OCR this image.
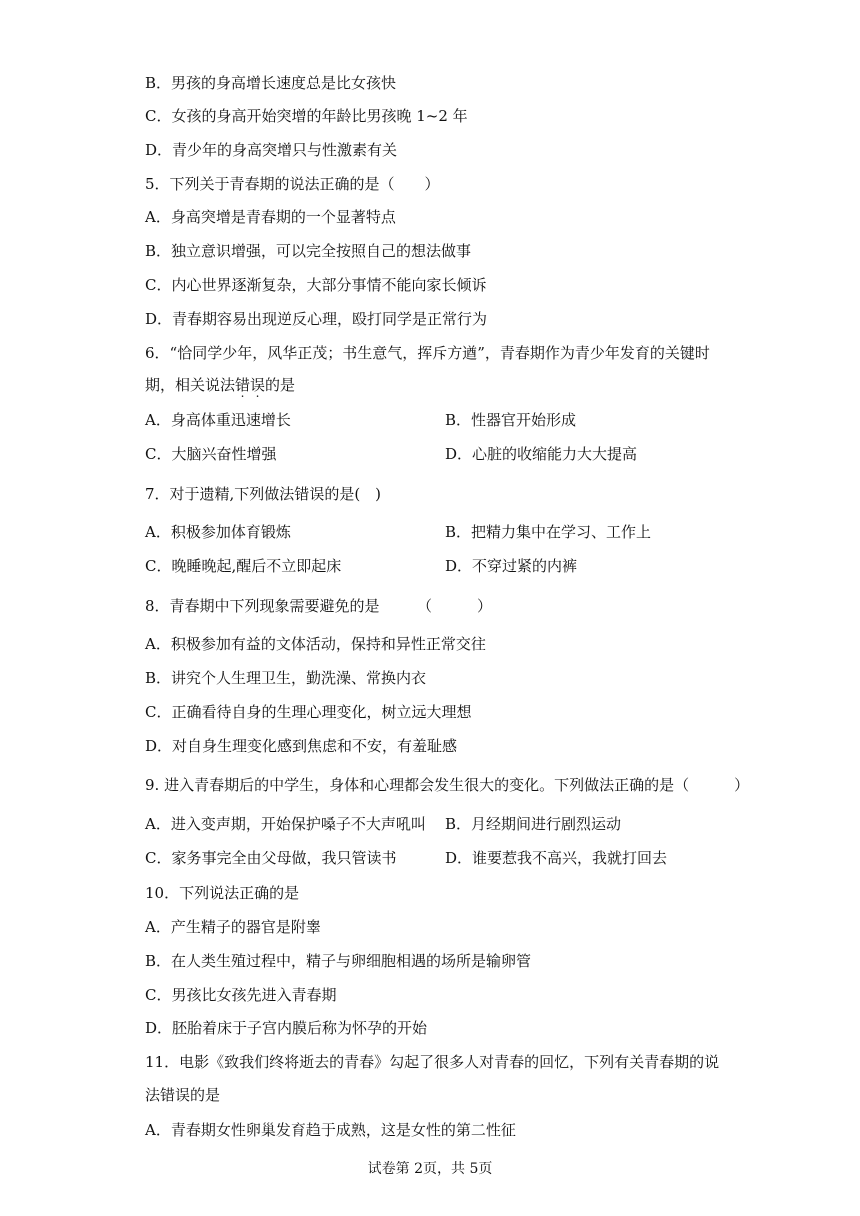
B．男孩的身高增长速度总是比女孩快
C．女孩的身高开始突增的年龄比男孩晚 1~2 年
D．青少年的身高突增只与性激素有关
5．下列关于青春期的说法正确的是（　　）
A．身高突增是青春期的一个显著特点
B．独立意识增强，可以完全按照自己的想法做事
C．内心世界逐渐复杂，大部分事情不能向家长倾诉
D．青春期容易出现逆反心理，殴打同学是正常行为
6．“恰同学少年，风华正茂；书生意气，挥斥方遒”，青春期作为青少年发育的关键时
期，相关说法错误的是
A．身高体重迅速增长	B．性器官开始形成
C．大脑兴奋性增强	D．心脏的收缩能力大大提高
7．对于遗精,下列做法错误的是(　)
A．积极参加体育锻炼	B．把精力集中在学习、工作上
C．晚睡晚起,醒后不立即起床	D．不穿过紧的内裤
8．青春期中下列现象需要避免的是　　　（　　　）
A．积极参加有益的文体活动，保持和异性正常交往
B．讲究个人生理卫生，勤洗澡、常换内衣
C．正确看待自身的生理心理变化，树立远大理想
D．对自身生理变化感到焦虑和不安，有羞耻感
9. 进入青春期后的中学生，身体和心理都会发生很大的变化。下列做法正确的是（　　　）
A．进入变声期，开始保护嗓子不大声吼叫 B．月经期间进行剧烈运动
C．家务事完全由父母做，我只管读书	D．谁要惹我不高兴，我就打回去
10．下列说法正确的是
A．产生精子的器官是附睾
B．在人类生殖过程中，精子与卵细胞相遇的场所是输卵管
C．男孩比女孩先进入青春期
D．胚胎着床于子宫内膜后称为怀孕的开始
11．电影《致我们终将逝去的青春》勾起了很多人对青春的回忆，下列有关青春期的说
法错误的是
A．青春期女性卵巢发育趋于成熟，这是女性的第二性征
试卷第 2页，共 5页
